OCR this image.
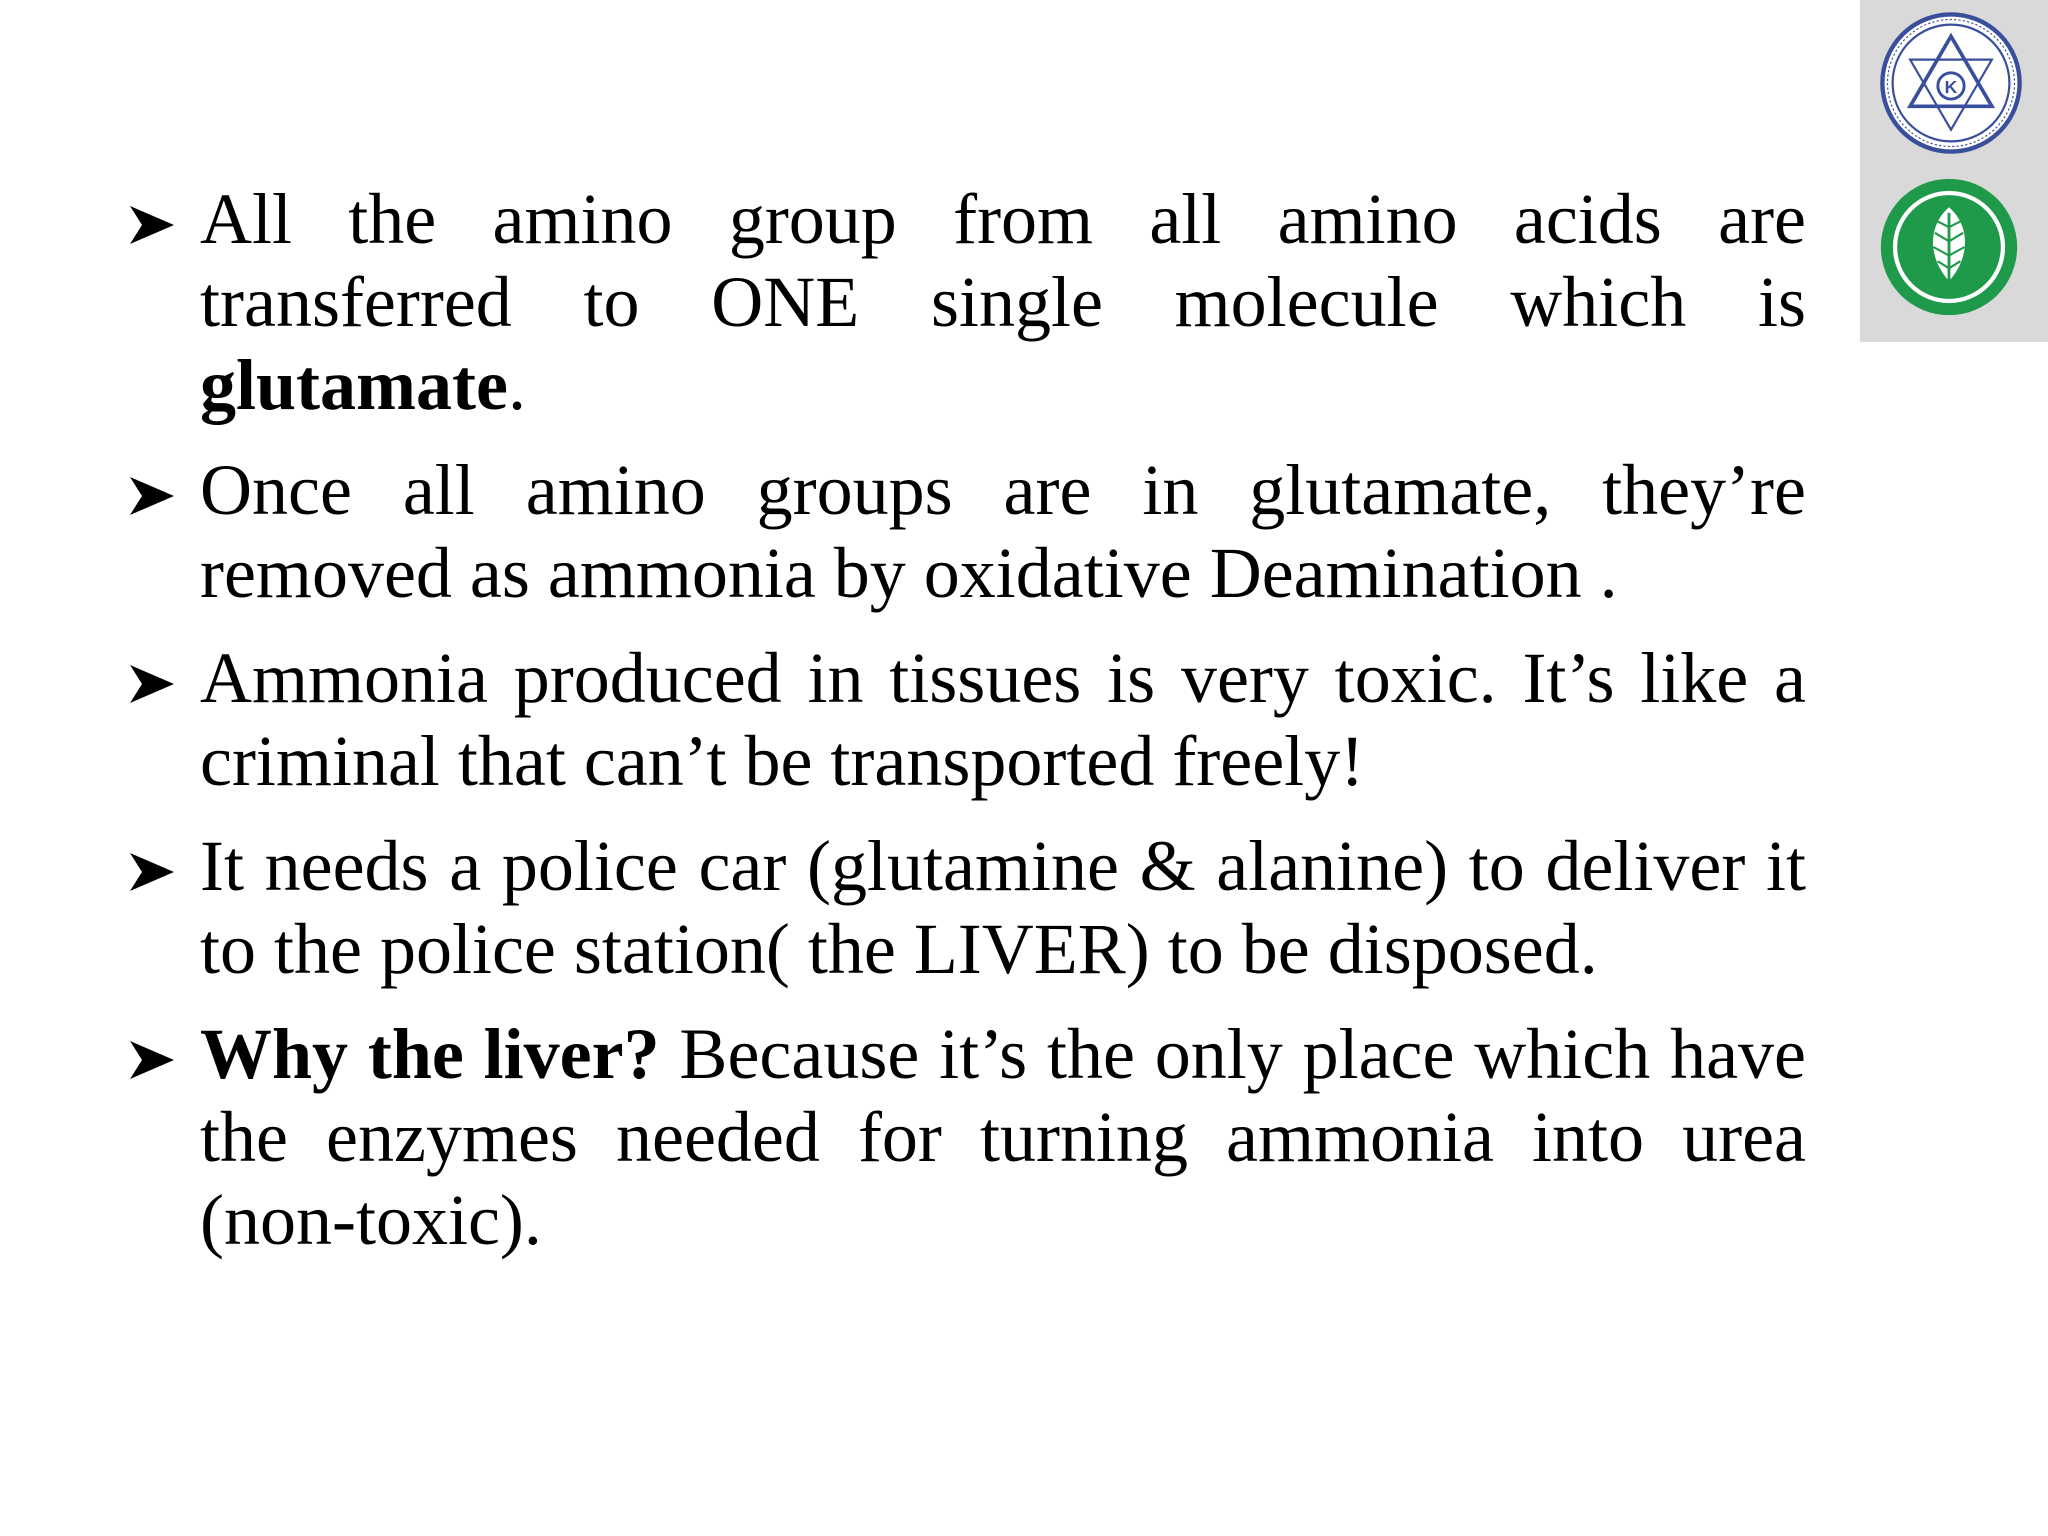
K
All the amino group from all amino acids are transferred to ONE single molecule which is glutamate.
Once all amino groups are in glutamate, they’re removed as ammonia by oxidative Deamination .
Ammonia produced in tissues is very toxic. It’s like a criminal that can’t be transported freely!
It needs a police car (glutamine & alanine) to deliver it to the police station( the LIVER) to be disposed.
Why the liver? Because it’s the only place which have the enzymes needed for turning ammonia into urea (non-toxic).
